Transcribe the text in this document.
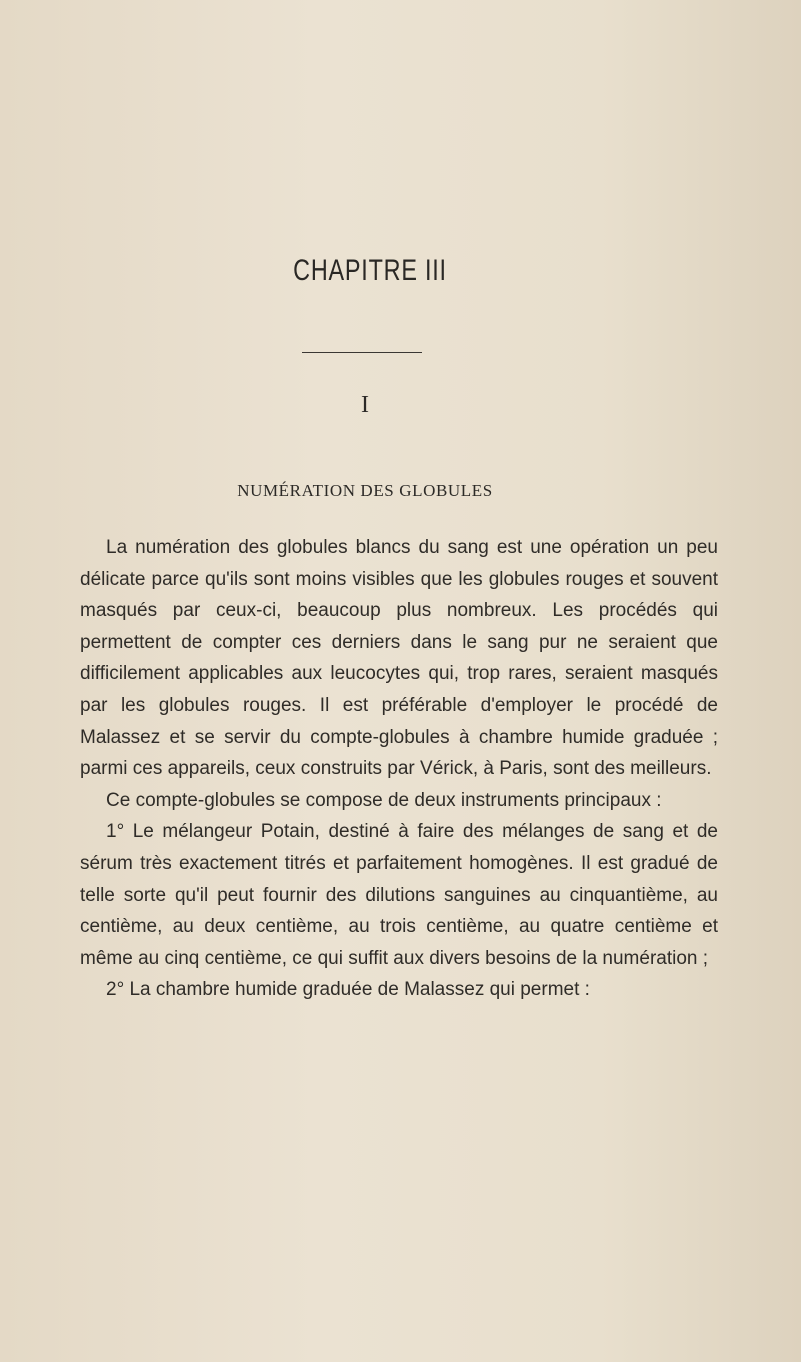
CHAPITRE III
I
NUMÉRATION DES GLOBULES

La numération des globules blancs du sang est une opération un peu délicate parce qu'ils sont moins visibles que les globules rouges et souvent masqués par ceux-ci, beaucoup plus nombreux. Les procédés qui permettent de compter ces derniers dans le sang pur ne seraient que difficilement applicables aux leucocytes qui, trop rares, seraient masqués par les globules rouges. Il est préférable d'employer le procédé de Malassez et se servir du compte-globules à chambre humide graduée ; parmi ces appareils, ceux construits par Vérick, à Paris, sont des meilleurs.

Ce compte-globules se compose de deux instruments principaux :

1° Le mélangeur Potain, destiné à faire des mélanges de sang et de sérum très exactement titrés et parfaitement homogènes. Il est gradué de telle sorte qu'il peut fournir des dilutions sanguines au cinquantième, au centième, au deux centième, au trois centième, au quatre centième et même au cinq centième, ce qui suffit aux divers besoins de la numération ;

2° La chambre humide graduée de Malassez qui permet :
